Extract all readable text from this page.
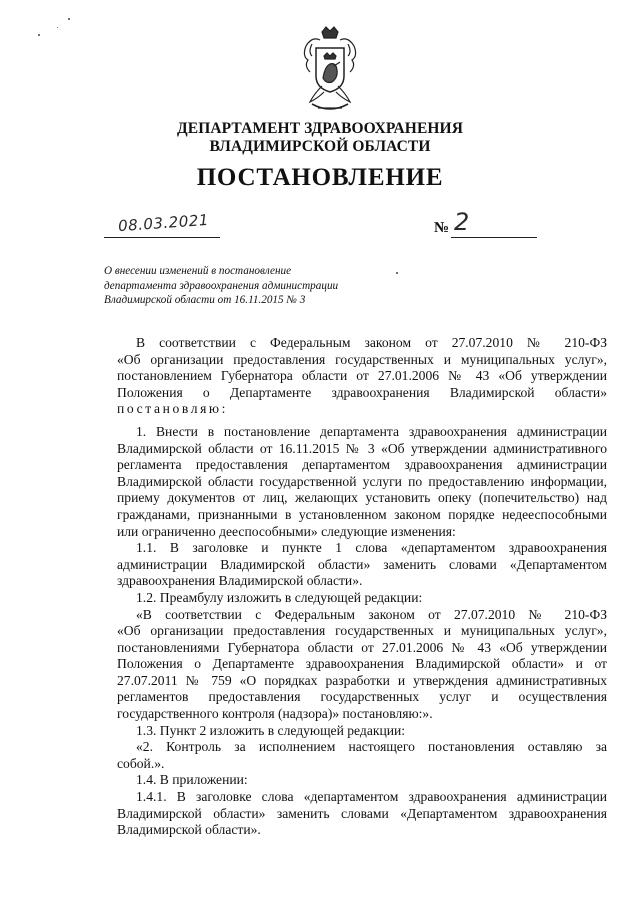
ДЕПАРТАМЕНТ ЗДРАВООХРАНЕНИЯ
ВЛАДИМИРСКОЙ ОБЛАСТИ
ПОСТАНОВЛЕНИЕ
08.03.2021	№ 2
О внесении изменений в постановление
департамента здравоохранения администрации
Владимирской области от 16.11.2015 № 3

В соответствии с Федеральным законом от 27.07.2010 № 210-ФЗ
«Об организации предоставления государственных и муниципальных услуг»,
постановлением Губернатора области от 27.01.2006 № 43 «Об утверждении
Положения о Департаменте здравоохранения Владимирской области»
постановляю:

1. Внести в постановление департамента здравоохранения администрации
Владимирской области от 16.11.2015 № 3 «Об утверждении административного
регламента предоставления департаментом здравоохранения администрации
Владимирской области государственной услуги по предоставлению информации,
приему документов от лиц, желающих установить опеку (попечительство) над
гражданами, признанными в установленном законом порядке недееспособными
или ограниченно дееспособными» следующие изменения:

1.1. В заголовке и пункте 1 слова «департаментом здравоохранения
администрации Владимирской области» заменить словами «Департаментом
здравоохранения Владимирской области».

1.2. Преамбулу изложить в следующей редакции:

«В соответствии с Федеральным законом от 27.07.2010 № 210-ФЗ
«Об организации предоставления государственных и муниципальных услуг»,
постановлениями Губернатора области от 27.01.2006 № 43 «Об утверждении
Положения о Департаменте здравоохранения Владимирской области» и от
27.07.2011 № 759 «О порядках разработки и утверждения административных
регламентов предоставления государственных услуг и осуществления
государственного контроля (надзора)» постановляю:».

1.3. Пункт 2 изложить в следующей редакции:

«2. Контроль за исполнением настоящего постановления оставляю за
собой.».

1.4. В приложении:

1.4.1. В заголовке слова «департаментом здравоохранения администрации
Владимирской области» заменить словами «Департаментом здравоохранения
Владимирской области».
